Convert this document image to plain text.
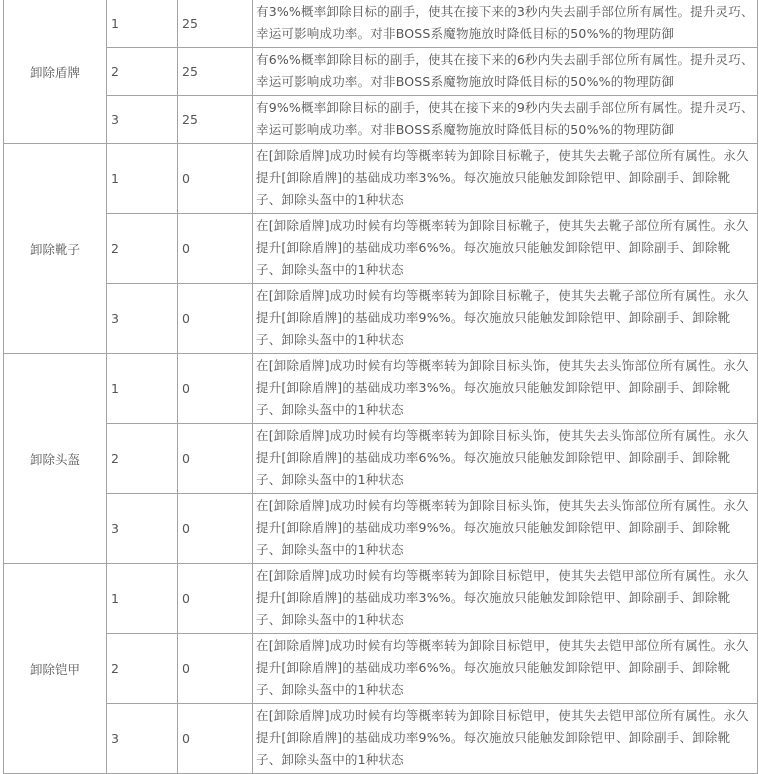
卸除盾牌	1	25	有3%%概率卸除目标的副手，使其在接下来的3秒内失去副手部位所有属性。提升灵巧、幸运可影响成功率。对非BOSS系魔物施放时降低目标的50%%的物理防御
	2	25	有6%%概率卸除目标的副手，使其在接下来的6秒内失去副手部位所有属性。提升灵巧、幸运可影响成功率。对非BOSS系魔物施放时降低目标的50%%的物理防御
	3	25	有9%%概率卸除目标的副手，使其在接下来的9秒内失去副手部位所有属性。提升灵巧、幸运可影响成功率。对非BOSS系魔物施放时降低目标的50%%的物理防御
卸除靴子	1	0	在[卸除盾牌]成功时候有均等概率转为卸除目标靴子，使其失去靴子部位所有属性。永久提升[卸除盾牌]的基础成功率3%%。每次施放只能触发卸除铠甲、卸除副手、卸除靴子、卸除头盔中的1种状态
	2	0	在[卸除盾牌]成功时候有均等概率转为卸除目标靴子，使其失去靴子部位所有属性。永久提升[卸除盾牌]的基础成功率6%%。每次施放只能触发卸除铠甲、卸除副手、卸除靴子、卸除头盔中的1种状态
	3	0	在[卸除盾牌]成功时候有均等概率转为卸除目标靴子，使其失去靴子部位所有属性。永久提升[卸除盾牌]的基础成功率9%%。每次施放只能触发卸除铠甲、卸除副手、卸除靴子、卸除头盔中的1种状态
卸除头盔	1	0	在[卸除盾牌]成功时候有均等概率转为卸除目标头饰，使其失去头饰部位所有属性。永久提升[卸除盾牌]的基础成功率3%%。每次施放只能触发卸除铠甲、卸除副手、卸除靴子、卸除头盔中的1种状态
	2	0	在[卸除盾牌]成功时候有均等概率转为卸除目标头饰，使其失去头饰部位所有属性。永久提升[卸除盾牌]的基础成功率6%%。每次施放只能触发卸除铠甲、卸除副手、卸除靴子、卸除头盔中的1种状态
	3	0	在[卸除盾牌]成功时候有均等概率转为卸除目标头饰，使其失去头饰部位所有属性。永久提升[卸除盾牌]的基础成功率9%%。每次施放只能触发卸除铠甲、卸除副手、卸除靴子、卸除头盔中的1种状态
卸除铠甲	1	0	在[卸除盾牌]成功时候有均等概率转为卸除目标铠甲，使其失去铠甲部位所有属性。永久提升[卸除盾牌]的基础成功率3%%。每次施放只能触发卸除铠甲、卸除副手、卸除靴子、卸除头盔中的1种状态
	2	0	在[卸除盾牌]成功时候有均等概率转为卸除目标铠甲，使其失去铠甲部位所有属性。永久提升[卸除盾牌]的基础成功率6%%。每次施放只能触发卸除铠甲、卸除副手、卸除靴子、卸除头盔中的1种状态
	3	0	在[卸除盾牌]成功时候有均等概率转为卸除目标铠甲，使其失去铠甲部位所有属性。永久提升[卸除盾牌]的基础成功率9%%。每次施放只能触发卸除铠甲、卸除副手、卸除靴子、卸除头盔中的1种状态
